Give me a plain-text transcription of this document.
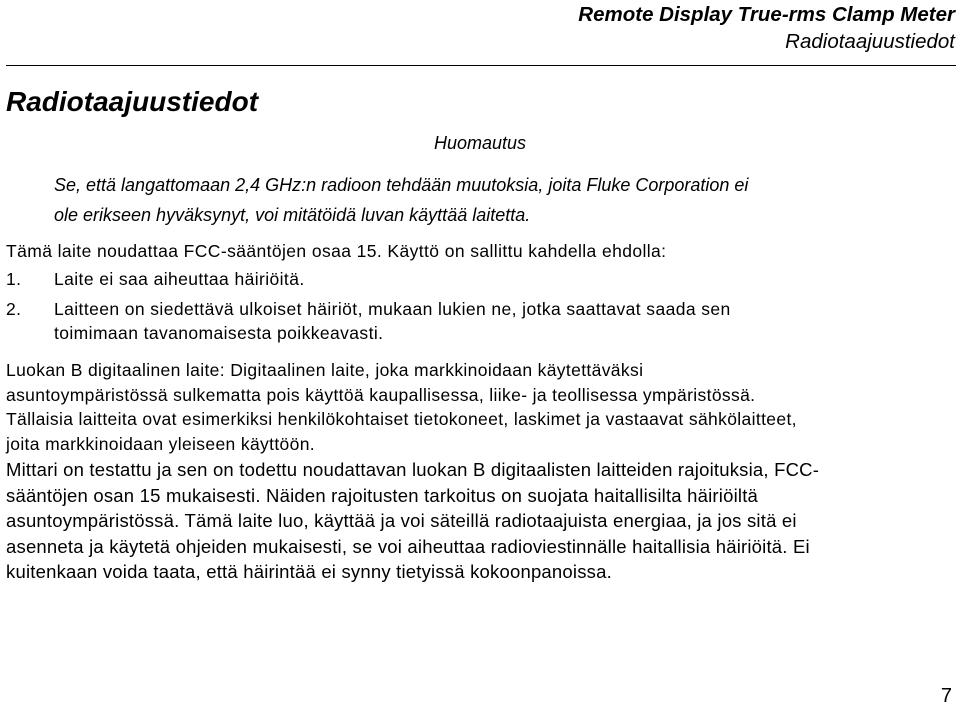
Remote Display True-rms Clamp Meter
Radiotaajuustiedot
Radiotaajuustiedot
Huomautus
Se, että langattomaan 2,4 GHz:n radioon tehdään muutoksia, joita Fluke Corporation ei
ole erikseen hyväksynyt, voi mitätöidä luvan käyttää laitetta.
Tämä laite noudattaa FCC-sääntöjen osaa 15. Käyttö on sallittu kahdella ehdolla:
1. Laite ei saa aiheuttaa häiriöitä.
2. Laitteen on siedettävä ulkoiset häiriöt, mukaan lukien ne, jotka saattavat saada sen
toimimaan tavanomaisesta poikkeavasti.
Luokan B digitaalinen laite: Digitaalinen laite, joka markkinoidaan käytettäväksi
asuntoympäristössä sulkematta pois käyttöä kaupallisessa, liike- ja teollisessa ympäristössä.
Tällaisia laitteita ovat esimerkiksi henkilökohtaiset tietokoneet, laskimet ja vastaavat sähkölaitteet,
joita markkinoidaan yleiseen käyttöön.
Mittari on testattu ja sen on todettu noudattavan luokan B digitaalisten laitteiden rajoituksia, FCC-
sääntöjen osan 15 mukaisesti. Näiden rajoitusten tarkoitus on suojata haitallisilta häiriöiltä
asuntoympäristössä. Tämä laite luo, käyttää ja voi säteillä radiotaajuista energiaa, ja jos sitä ei
asenneta ja käytetä ohjeiden mukaisesti, se voi aiheuttaa radioviestinnälle haitallisia häiriöitä. Ei
kuitenkaan voida taata, että häirintää ei synny tietyissä kokoonpanoissa.
7
